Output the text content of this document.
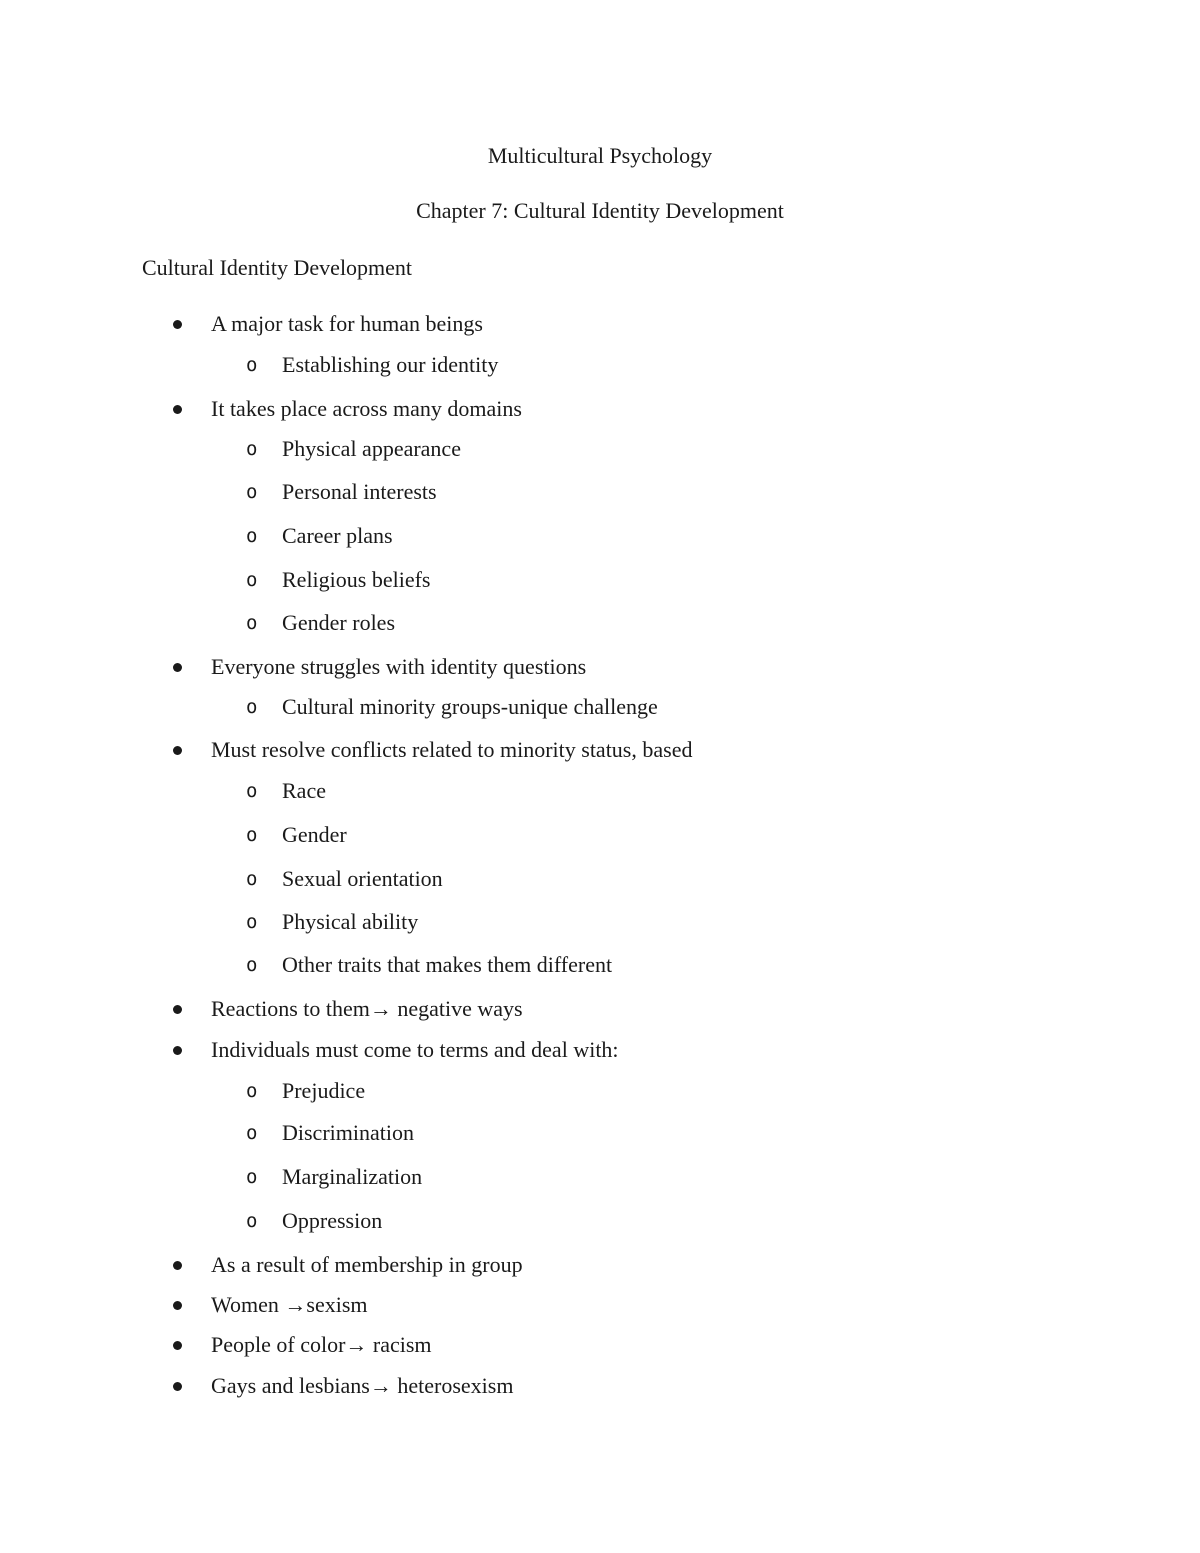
Multicultural Psychology
Chapter 7: Cultural Identity Development
Cultural Identity Development
A major task for human beings
o Establishing our identity
It takes place across many domains
o Physical appearance
o Personal interests
o Career plans
o Religious beliefs
o Gender roles
Everyone struggles with identity questions
o Cultural minority groups-unique challenge
Must resolve conflicts related to minority status, based
o Race
o Gender
o Sexual orientation
o Physical ability
o Other traits that makes them different
Reactions to them→ negative ways
Individuals must come to terms and deal with:
o Prejudice
o Discrimination
o Marginalization
o Oppression
As a result of membership in group
Women →sexism
People of color→ racism
Gays and lesbians→ heterosexism
